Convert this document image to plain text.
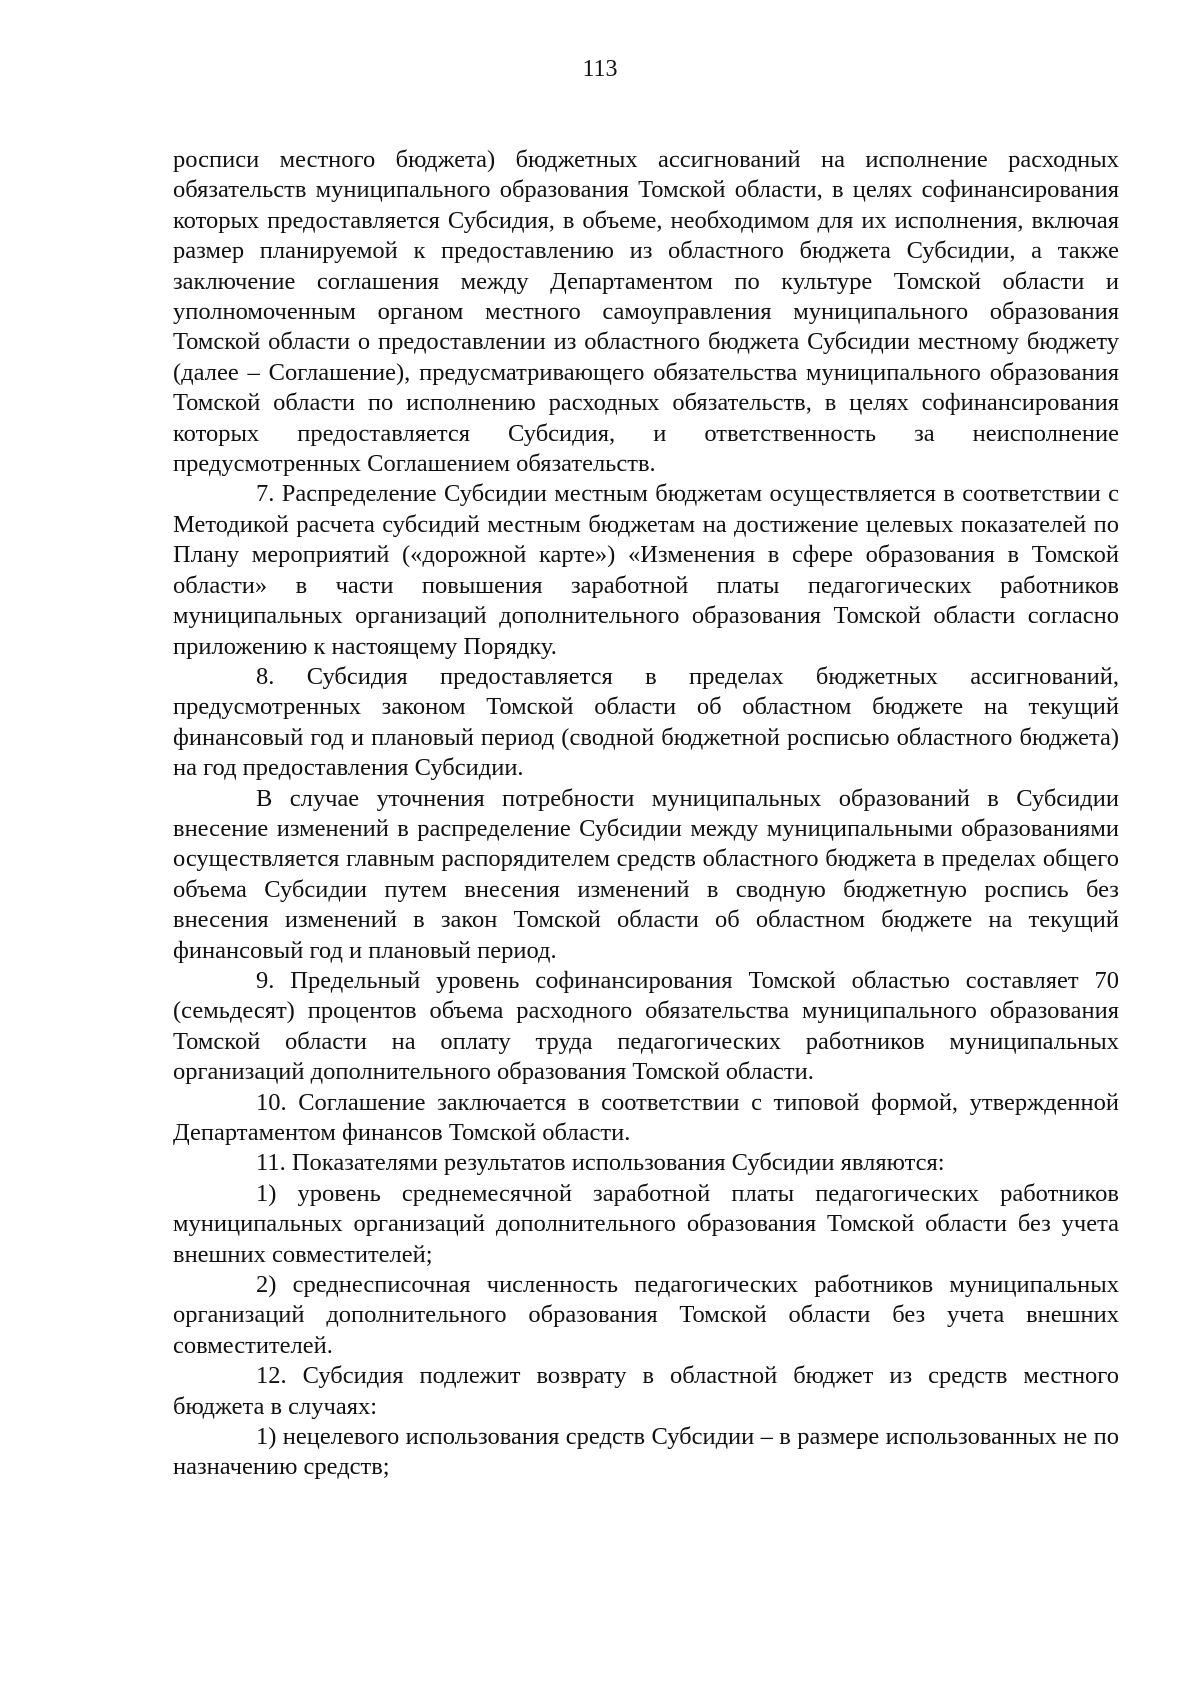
113

росписи местного бюджета) бюджетных ассигнований на исполнение расходных обязательств муниципального образования Томской области, в целях софинансирования которых предоставляется Субсидия, в объеме, необходимом для их исполнения, включая размер планируемой к предоставлению из областного бюджета Субсидии, а также заключение соглашения между Департаментом по культуре Томской области и уполномоченным органом местного самоуправления муниципального образования Томской области о предоставлении из областного бюджета Субсидии местному бюджету (далее – Соглашение), предусматривающего обязательства муниципального образования Томской области по исполнению расходных обязательств, в целях софинансирования которых предоставляется Субсидия, и ответственность за неисполнение предусмотренных Соглашением обязательств.

7. Распределение Субсидии местным бюджетам осуществляется в соответствии с Методикой расчета субсидий местным бюджетам на достижение целевых показателей по Плану мероприятий («дорожной карте») «Изменения в сфере образования в Томской области» в части повышения заработной платы педагогических работников муниципальных организаций дополнительного образования Томской области согласно приложению к настоящему Порядку.

8. Субсидия предоставляется в пределах бюджетных ассигнований, предусмотренных законом Томской области об областном бюджете на текущий финансовый год и плановый период (сводной бюджетной росписью областного бюджета) на год предоставления Субсидии.

В случае уточнения потребности муниципальных образований в Субсидии внесение изменений в распределение Субсидии между муниципальными образованиями осуществляется главным распорядителем средств областного бюджета в пределах общего объема Субсидии путем внесения изменений в сводную бюджетную роспись без внесения изменений в закон Томской области об областном бюджете на текущий финансовый год и плановый период.

9. Предельный уровень софинансирования Томской областью составляет 70 (семьдесят) процентов объема расходного обязательства муниципального образования Томской области на оплату труда педагогических работников муниципальных организаций дополнительного образования Томской области.

10. Соглашение заключается в соответствии с типовой формой, утвержденной Департаментом финансов Томской области.

11. Показателями результатов использования Субсидии являются:

1) уровень среднемесячной заработной платы педагогических работников муниципальных организаций дополнительного образования Томской области без учета внешних совместителей;

2) среднесписочная численность педагогических работников муниципальных организаций дополнительного образования Томской области без учета внешних совместителей.

12. Субсидия подлежит возврату в областной бюджет из средств местного бюджета в случаях:

1) нецелевого использования средств Субсидии – в размере использованных не по назначению средств;
